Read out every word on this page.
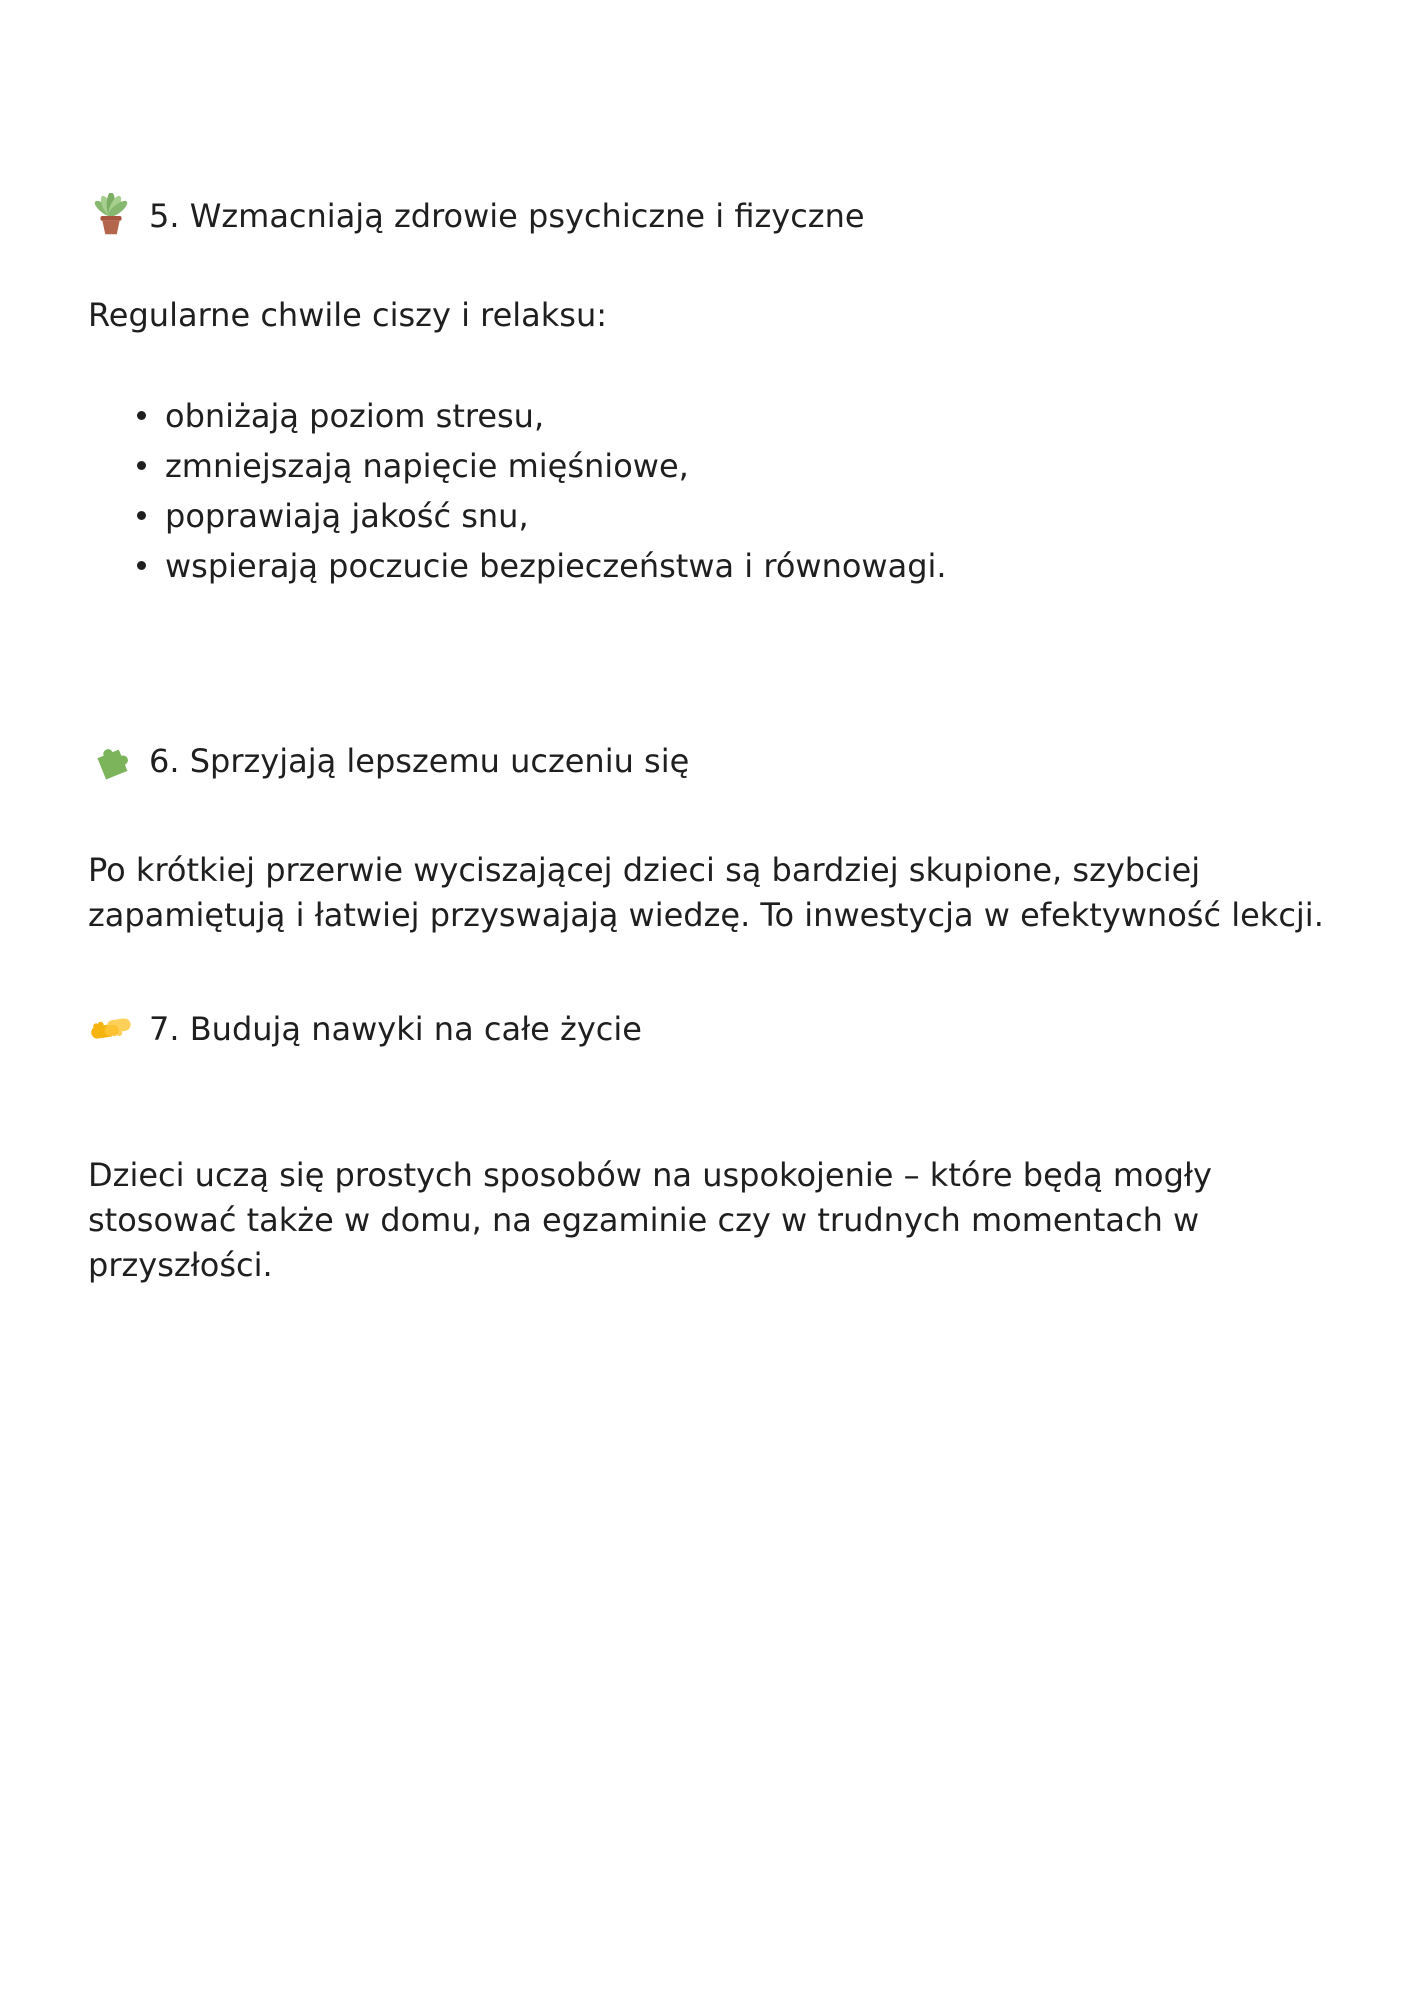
5. Wzmacniają zdrowie psychiczne i fizyczne

Regularne chwile ciszy i relaksu:

obniżają poziom stresu,
zmniejszają napięcie mięśniowe,
poprawiają jakość snu,
wspierają poczucie bezpieczeństwa i równowagi.
6. Sprzyjają lepszemu uczeniu się

Po krótkiej przerwie wyciszającej dzieci są bardziej skupione, szybciej zapamiętują i łatwiej przyswajają wiedzę. To inwestycja w efektywność lekcji.

7. Budują nawyki na całe życie

Dzieci uczą się prostych sposobów na uspokojenie – które będą mogły stosować także w domu, na egzaminie czy w trudnych momentach w przyszłości.
